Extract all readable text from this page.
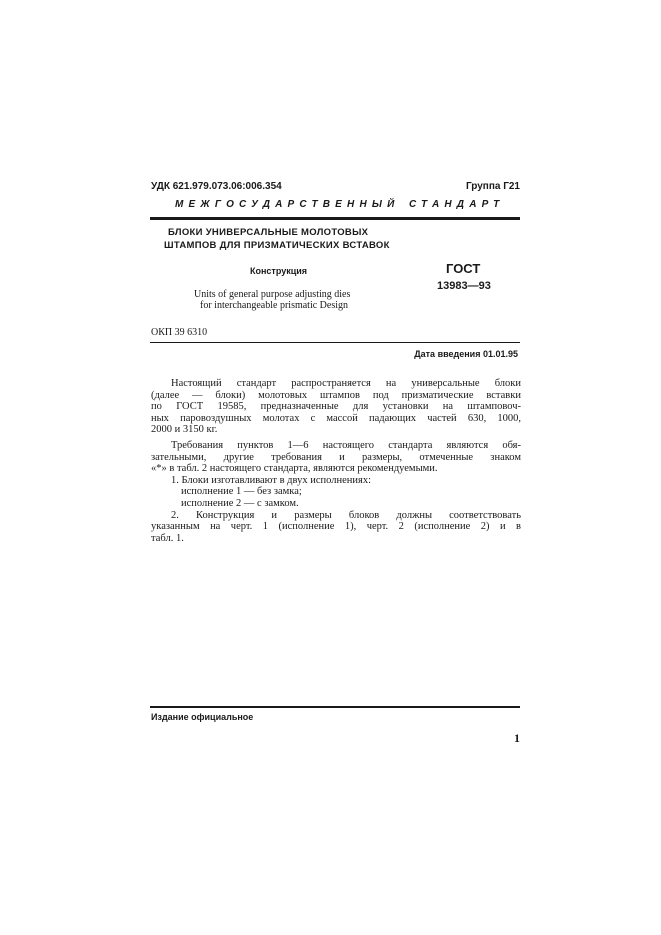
УДК 621.979.073.06:006.354	Группа Г21
МЕЖГОСУДАРСТВЕННЫЙ СТАНДАРТ
БЛОКИ УНИВЕРСАЛЬНЫЕ МОЛОТОВЫХ
ШТАМПОВ ДЛЯ ПРИЗМАТИЧЕСКИХ ВСТАВОК
Конструкция	ГОСТ
13983—93
Units of general purpose adjusting dies
for interchangeable prismatic Design
ОКП 39 6310
Дата введения 01.01.95
Настоящий стандарт распространяется на универсальные блоки
(далее — блоки) молотовых штампов под призматические вставки
по ГОСТ 19585, предназначенные для установки на штамповоч-
ных паровоздушных молотах с массой падающих частей 630, 1000,
2000 и 3150 кг.
Требования пунктов 1—6 настоящего стандарта являются обя-
зательными, другие требования и размеры, отмеченные знаком
«*» в табл. 2 настоящего стандарта, являются рекомендуемыми.
1. Блоки изготавливают в двух исполнениях:
исполнение 1 — без замка;
исполнение 2 — с замком.
2. Конструкция и размеры блоков должны соответствовать
указанным на черт. 1 (исполнение 1), черт. 2 (исполнение 2) и в
табл. 1.
Издание официальное
1
